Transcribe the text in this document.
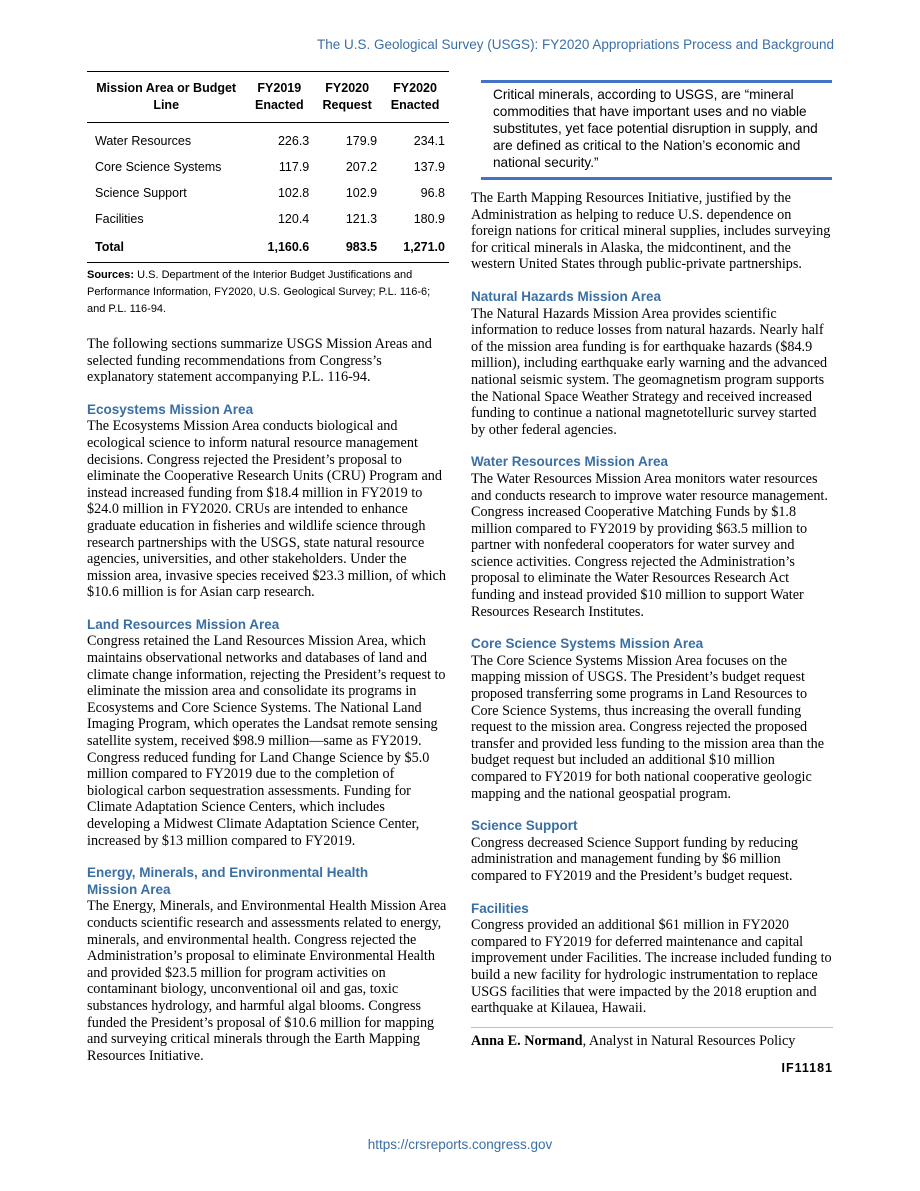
The U.S. Geological Survey (USGS): FY2020 Appropriations Process and Background
Mission Area or Budget Line	FY2019 Enacted	FY2020 Request	FY2020 Enacted
Water Resources	226.3	179.9	234.1
Core Science Systems	117.9	207.2	137.9
Science Support	102.8	102.9	96.8
Facilities	120.4	121.3	180.9
Total	1,160.6	983.5	1,271.0
Sources: U.S. Department of the Interior Budget Justifications and Performance Information, FY2020, U.S. Geological Survey; P.L. 116-6; and P.L. 116-94.

The following sections summarize USGS Mission Areas and selected funding recommendations from Congress’s explanatory statement accompanying P.L. 116-94.

Ecosystems Mission Area

The Ecosystems Mission Area conducts biological and ecological science to inform natural resource management decisions. Congress rejected the President’s proposal to eliminate the Cooperative Research Units (CRU) Program and instead increased funding from $18.4 million in FY2019 to $24.0 million in FY2020. CRUs are intended to enhance graduate education in fisheries and wildlife science through research partnerships with the USGS, state natural resource agencies, universities, and other stakeholders. Under the mission area, invasive species received $23.3 million, of which $10.6 million is for Asian carp research.

Land Resources Mission Area

Congress retained the Land Resources Mission Area, which maintains observational networks and databases of land and climate change information, rejecting the President’s request to eliminate the mission area and consolidate its programs in Ecosystems and Core Science Systems. The National Land Imaging Program, which operates the Landsat remote sensing satellite system, received $98.9 million—same as FY2019. Congress reduced funding for Land Change Science by $5.0 million compared to FY2019 due to the completion of biological carbon sequestration assessments. Funding for Climate Adaptation Science Centers, which includes developing a Midwest Climate Adaptation Science Center, increased by $13 million compared to FY2019.

Energy, Minerals, and Environmental Health Mission Area

The Energy, Minerals, and Environmental Health Mission Area conducts scientific research and assessments related to energy, minerals, and environmental health. Congress rejected the Administration’s proposal to eliminate Environmental Health and provided $23.5 million for program activities on contaminant biology, unconventional oil and gas, toxic substances hydrology, and harmful algal blooms. Congress funded the President’s proposal of $10.6 million for mapping and surveying critical minerals through the Earth Mapping Resources Initiative.

Critical minerals, according to USGS, are “mineral commodities that have important uses and no viable substitutes, yet face potential disruption in supply, and are defined as critical to the Nation’s economic and national security.”

The Earth Mapping Resources Initiative, justified by the Administration as helping to reduce U.S. dependence on foreign nations for critical mineral supplies, includes surveying for critical minerals in Alaska, the midcontinent, and the western United States through public-private partnerships.

Natural Hazards Mission Area

The Natural Hazards Mission Area provides scientific information to reduce losses from natural hazards. Nearly half of the mission area funding is for earthquake hazards ($84.9 million), including earthquake early warning and the advanced national seismic system. The geomagnetism program supports the National Space Weather Strategy and received increased funding to continue a national magnetotelluric survey started by other federal agencies.

Water Resources Mission Area

The Water Resources Mission Area monitors water resources and conducts research to improve water resource management. Congress increased Cooperative Matching Funds by $1.8 million compared to FY2019 by providing $63.5 million to partner with nonfederal cooperators for water survey and science activities. Congress rejected the Administration’s proposal to eliminate the Water Resources Research Act funding and instead provided $10 million to support Water Resources Research Institutes.

Core Science Systems Mission Area

The Core Science Systems Mission Area focuses on the mapping mission of USGS. The President’s budget request proposed transferring some programs in Land Resources to Core Science Systems, thus increasing the overall funding request to the mission area. Congress rejected the proposed transfer and provided less funding to the mission area than the budget request but included an additional $10 million compared to FY2019 for both national cooperative geologic mapping and the national geospatial program.

Science Support

Congress decreased Science Support funding by reducing administration and management funding by $6 million compared to FY2019 and the President’s budget request.

Facilities

Congress provided an additional $61 million in FY2020 compared to FY2019 for deferred maintenance and capital improvement under Facilities. The increase included funding to build a new facility for hydrologic instrumentation to replace USGS facilities that were impacted by the 2018 eruption and earthquake at Kilauea, Hawaii.

Anna E. Normand, Analyst in Natural Resources Policy

IF11181
https://crsreports.congress.gov
